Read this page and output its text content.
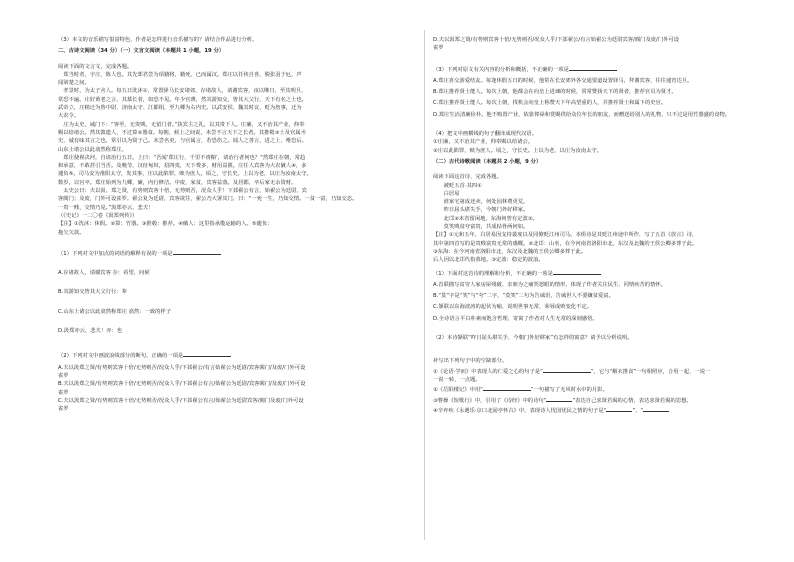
（3）本文的音乐描写很富特色，作者是怎样进行音乐描写的？请结合作品进行分析。
二、古诗文阅读（34 分）（一）文言文阅读（本题共 1 小题，19 分）
阅读下面的文言文，完成各题。
　郑当时者，字庄，陈人也。其先郑君尝为项籍将，籍死，已而属汉。郑庄以任侠自喜，脱张羽于厄，声
闻梁楚之间。
　孝景时，为太子舍人。每五日洗沐①，常置驿马长安诸郊，存诸故人，请谢宾客，夜以继日，至其明旦，
常恐不遍。庄好黄老之言，其慕长者，如恐不见。年少官薄，然其游知交，皆其大父行，天下有名之士也。
武帝立，庄稍迁为鲁中尉、济南太守、江都相，至九卿为右内史。以武安侯、魏其时议，贬为詹事，迁为
大农令。
　庄为太史，诫门下：“客至，无贵贱，无留门者。”执宾主之礼，以其贵下人。庄廉，又不治其产业，仰奉
赐以给诸公。然其馈遗人，不过算②器食。每朝，候上之间说，未尝不言天下之长者。其推毂③士及官属丞
史，诚有味其言之也，常引以为贤于己。未尝名吏，与官属言，若恐伤之。闻人之善言，进之上，唯恐后。
山东士诸公以此翕然称郑庄。
　郑庄使视决河，自请治行五日。上曰：“吾闻‘郑庄行，千里不赍粮’，请治行者何也？”然郑庄在朝，常趋
和承意，不敢甚引当否。及晚节，汉征匈奴，招四夷，天下费多，财用益匮。庄任人宾客为大农僦人④，多
逋负⑤。司马安为淮阳太守，发其事，庄以此陷罪，赎为庶人。顷之，守长史。上以为老，以庄为汝南太守。
数岁，以官卒。郑庄始列为九卿，廉，内行修洁。中废，家贫，宾客益落。及居郡，卒后家无余资财。
　太史公曰：夫以汲、郑之贤，有势则宾客十倍，无势则否，况众人乎！下邽翟公有言，始翟公为廷尉，宾
客阗门；及废，门外可设雀罗。翟公复为廷尉，宾客欲往，翟公乃大署其门，曰：“一死一生，乃知交情。一贫一富，乃知交态。
一贵一贱，交情乃见。”汲郑亦云，悲夫！
（《史记》一二〇卷《汲郑列传》）
【注】①洗沐：休假。②算：竹器。③推毂：推荐。④僦人：这里指承揽运输的人。⑤逋负：
拖欠欠款。
（1）下列对文中加点的词语的解释有误的一项是
A.存诸故人，请谢宾客 存：看望，问候
B.其游知交皆其大父行行：辈
C.山东士诸公以此翕然称郑庄 翕然：一致的样子
D.汲郑亦云，悲夫！亦：也
（2）下列对文中画波浪线部分的断句，正确的一项是
A.夫以汲郑之贤/有势则宾客十倍/无势则否/况众人乎/下邽翟公/有言始翟公为廷尉/宾客阗门/及废/门外可设
雀罗
B.夫以汲郑之贤/有势则宾客十倍/无势则否/况众人乎/下邽翟公有言/始翟公为廷尉/宾客阗门/及废/门外可设
雀罗
C.夫以汲郑之贤/有势则宾客十倍/无势则否/况众人乎/下邽翟公有言/始翟公为廷尉宾客/阗门及废/门外可设
雀罗
D.夫以汲郑之贤/有势则宾客十倍/无势则否/况众人乎/下邽翟公/有言始翟公为廷尉宾客/阗门及废/门外可设
雀罗
（3）下列对原文有关内容的分析和概括，不正确的一项是
A.郑庄喜交游爱结友。每逢休假五日的时候，他常在长安郊外各交通要道设置驿马，拜谢宾客，往往通宵达旦。
B.郑庄推荐贤士能人。每次上朝，他都会在向皇上进谏的时候，常常赞扬天下的贤者，推荐官员为贤才。
C.郑庄推荐贤士能人。每次上朝，找机会向皇上称赞天下年高望重的人，并推荐贤士和属下的史官。
D.郑庄生活清廉俭朴。他不购置产业，依靠俸禄和赏赐供给众位年长的朋友，而赠送给别人的礼物，只不过是用竹器盛的食物。
（4）把文中画横线的句子翻译成现代汉语。
①庄廉，又不治其产业，仰奉赐以给诸公。
②庄以此陷罪，赎为庶人。顷之，守长史。上以为老，以庄为汝南太守。
（二）古代诗歌阅读（本题共 2 小题，9 分）
阅读下面这首诗，完成各题。
　　被贬五首·其四①
　　白居易
　　谁家宅第成还卖，何处园林费更荒。
　　昨日屈头堪失手，今朝门外好移家。
　　北邙②未省留闲地，东海何曾有定波③。
　　莫笑贱贫夸富贵，共成枯骨两何如。
【注】①元和五年，白居易因支持裴度以及同僚贬江州司马。本组诗是其贬江州途中所作，写了五首《放言》诗，
其中第四首写的是贵贱富贵无常的感慨。②北邙：山名，在今河南省洛阳市北，东汉及北魏的王侯公卿多葬于此。
③东海：在今河南省洛阳市北，东汉及北魏的王侯公卿多葬于此。
后人因以北邙代指墓地。③定波：稳定的波浪。
（1）下面对这首诗的理解和分析，不正确的一项是
A.首联描写贫穷人家房屋残破、亲朋为之痛哭怒眼的情形，体现了作者关注民生、同情疾苦的情怀。
B.“莫”字是“笑”与“夸”二字，“莫笑”二句为告诫语，告诫世人不要嫌贫爱富。
C.颔联以东海波涛的起伏为喻，说明世事无常，荣辱成败变化不定。
D.全诗语言平白朴素而饱含哲理，寄寓了作者对人生无常的深刻感悟。
（2）本诗颔联“昨日屈头堪失手，今朝门外好移家”有怎样的寓意？请予以分析说明。
补写出下列句子中的空缺部分。
①《论语·学而》中表现人的仁爱之心的句子是“	”，它与“解衣推食”一句相照应，合用一起，一说一
一说一转，一点题。
②《岳阳楼记》中用“	”一句描写了无风时水中的月影。
③曹操《短歌行》中，引用了《诗经》中的诗句“	”表达自己求贤若渴的心情，表达求贤若渴的思想。
④辛弃疾《永遇乐·京口北固亭怀古》中，表现诗人忧国忧民之情的句子是“	”，“
